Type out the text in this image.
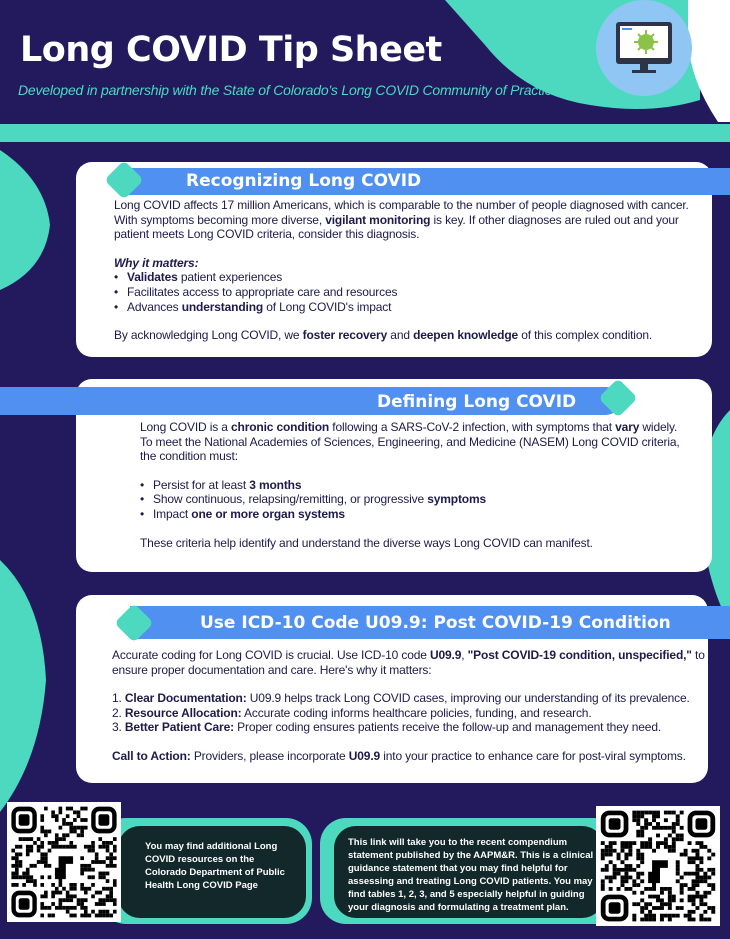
Long COVID Tip Sheet
Developed in partnership with the State of Colorado's Long COVID Community of Practice
Recognizing Long COVID

Long COVID affects 17 million Americans, which is comparable to the number of people diagnosed with cancer. With symptoms becoming more diverse, vigilant monitoring is key. If other diagnoses are ruled out and your patient meets Long COVID criteria, consider this diagnosis.

Why it matters:

• Validates patient experiences
• Facilitates access to appropriate care and resources
• Advances understanding of Long COVID's impact

By acknowledging Long COVID, we foster recovery and deepen knowledge of this complex condition.

Defining Long COVID

Long COVID is a chronic condition following a SARS-CoV-2 infection, with symptoms that vary widely. To meet the National Academies of Sciences, Engineering, and Medicine (NASEM) Long COVID criteria, the condition must:

• Persist for at least 3 months
• Show continuous, relapsing/remitting, or progressive symptoms
• Impact one or more organ systems

These criteria help identify and understand the diverse ways Long COVID can manifest.

Use ICD-10 Code U09.9: Post COVID-19 Condition

Accurate coding for Long COVID is crucial. Use ICD-10 code U09.9, "Post COVID-19 condition, unspecified," to ensure proper documentation and care. Here's why it matters:

1. Clear Documentation: U09.9 helps track Long COVID cases, improving our understanding of its prevalence.

2. Resource Allocation: Accurate coding informs healthcare policies, funding, and research.

3. Better Patient Care: Proper coding ensures patients receive the follow-up and management they need.

Call to Action: Providers, please incorporate U09.9 into your practice to enhance care for post-viral symptoms.

You may find additional Long COVID resources on the Colorado Department of Public Health Long COVID Page
This link will take you to the recent compendium statement published by the AAPM&R. This is a clinical guidance statement that you may find helpful for assessing and treating Long COVID patients. You may find tables 1, 2, 3, and 5 especially helpful in guiding your diagnosis and formulating a treatment plan.
